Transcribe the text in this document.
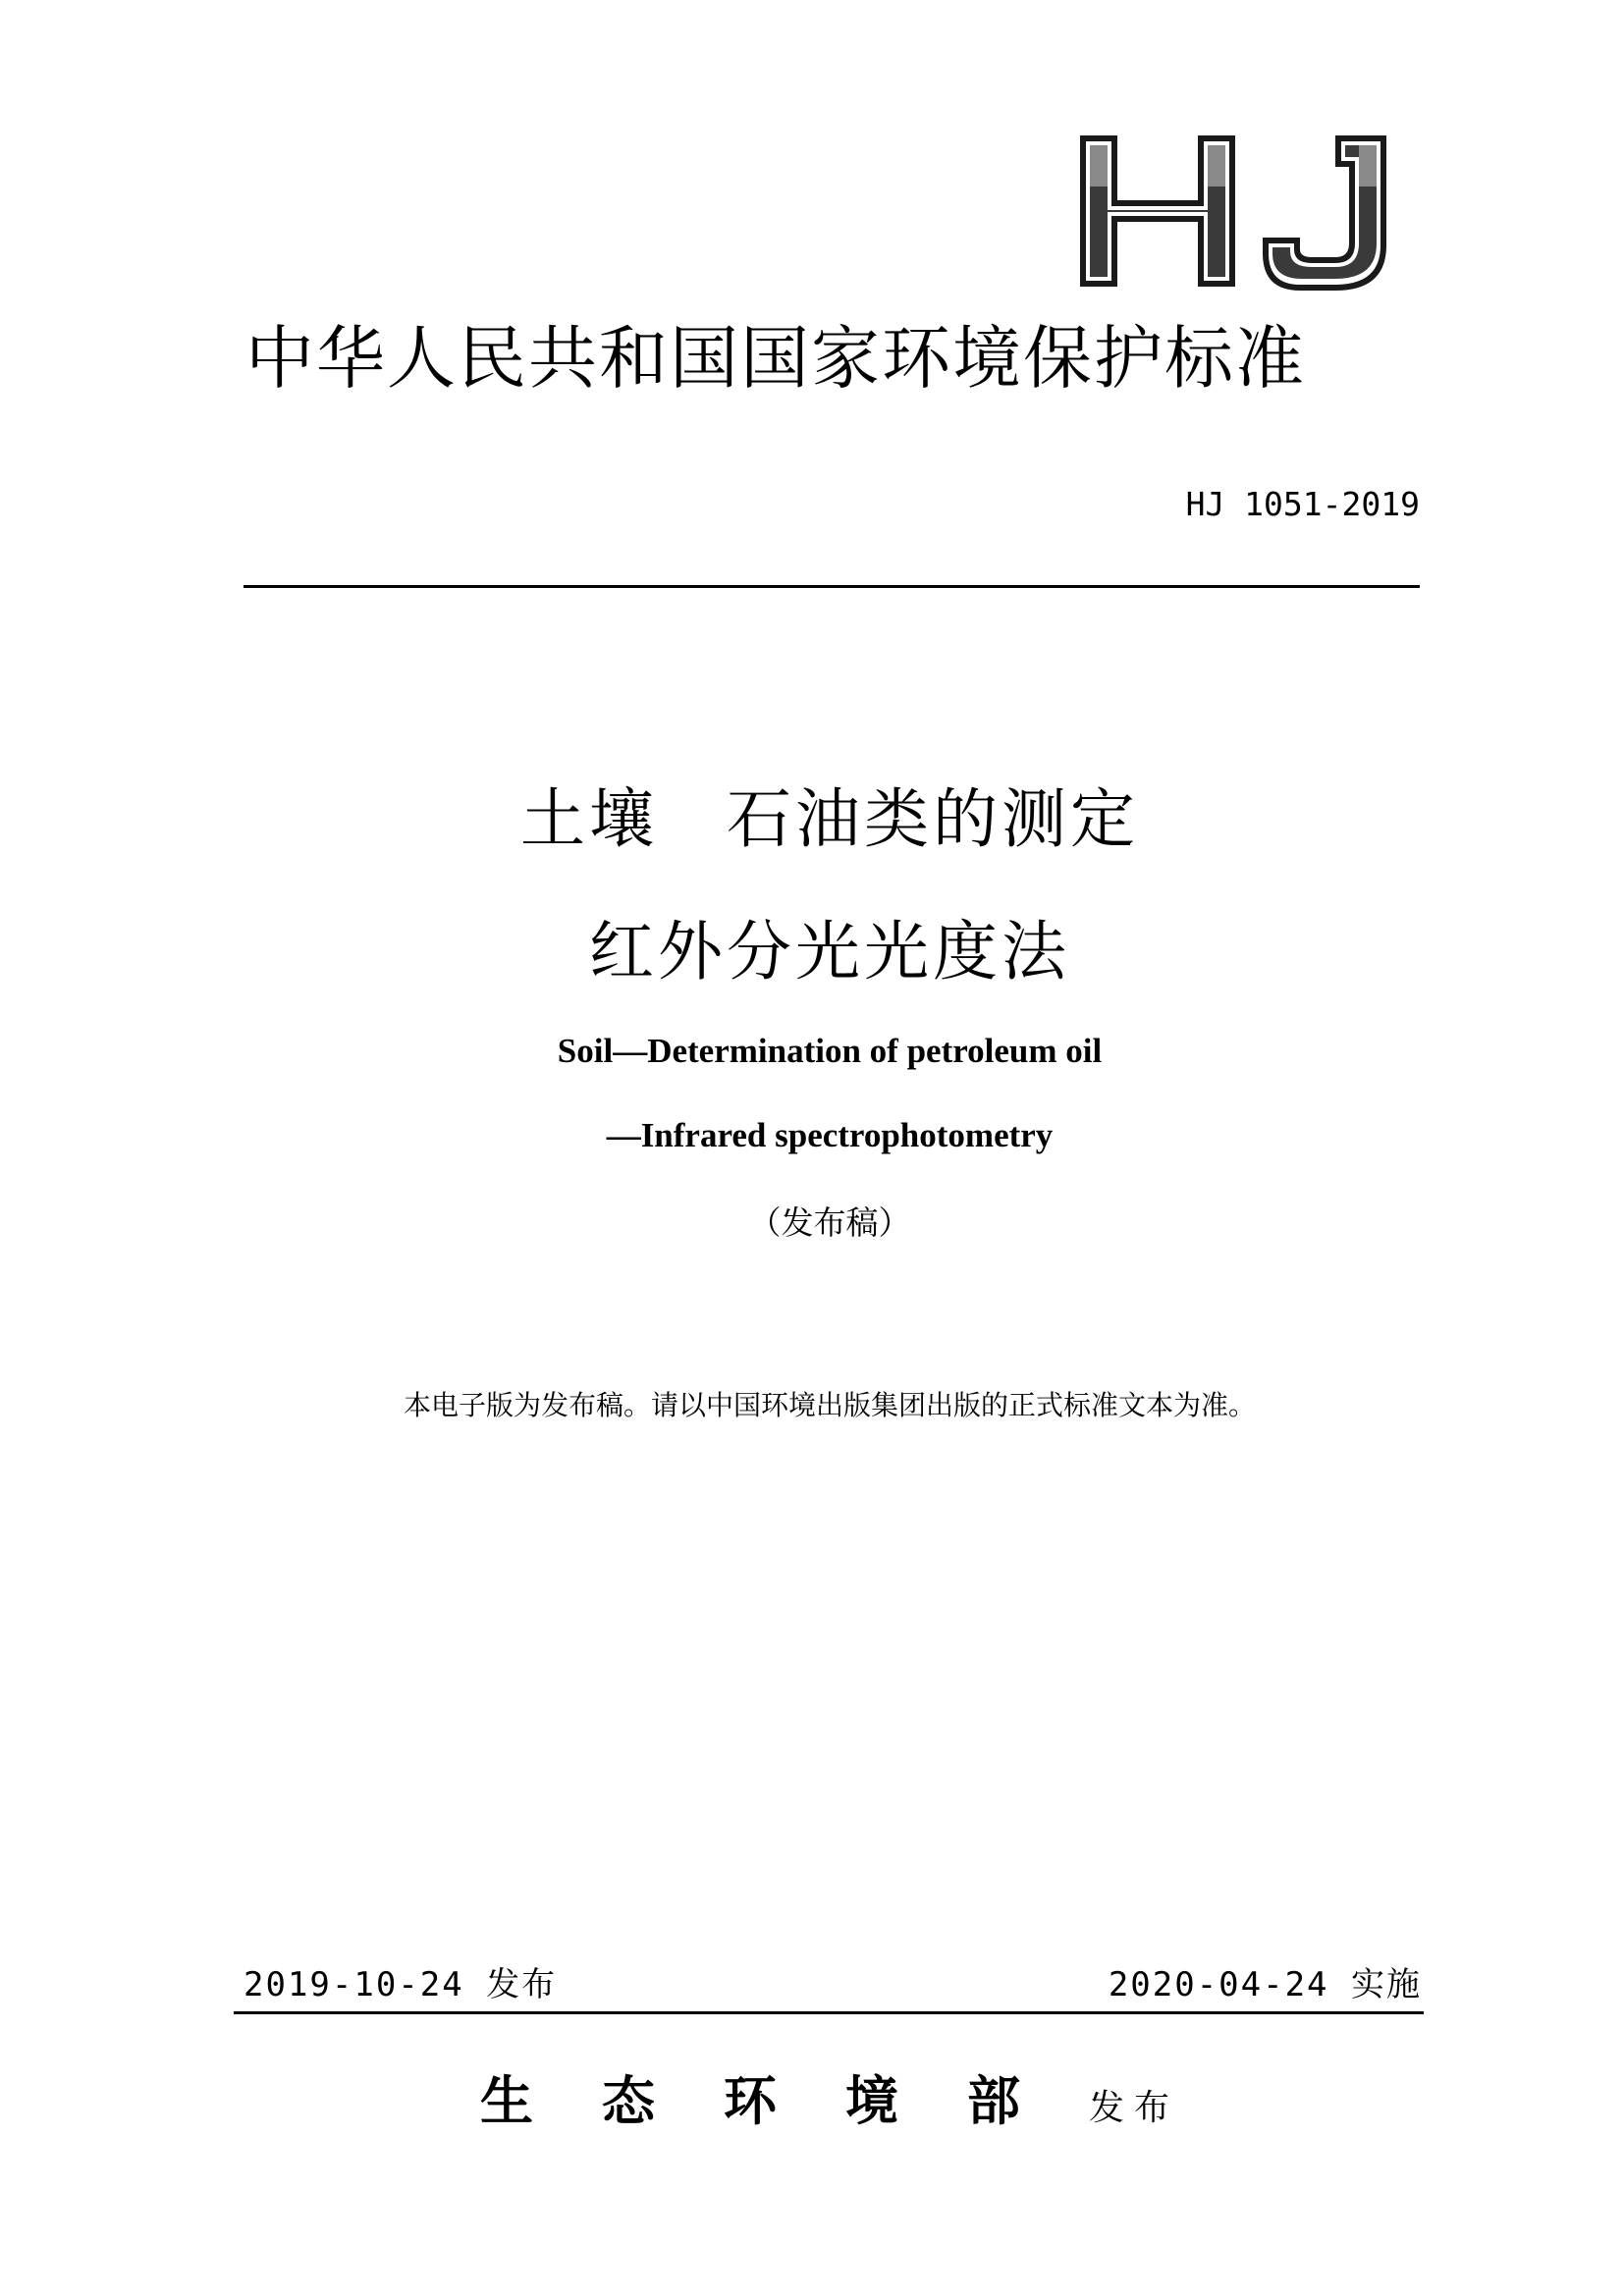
中华人民共和国国家环境保护标准
HJ 1051-2019
土壤　石油类的测定
红外分光光度法
Soil—Determination of petroleum oil
—Infrared spectrophotometry
（发布稿）
本电子版为发布稿。请以中国环境出版集团出版的正式标准文本为准。
2019-10-24 发布	2020-04-24 实施
生态环境部发布
